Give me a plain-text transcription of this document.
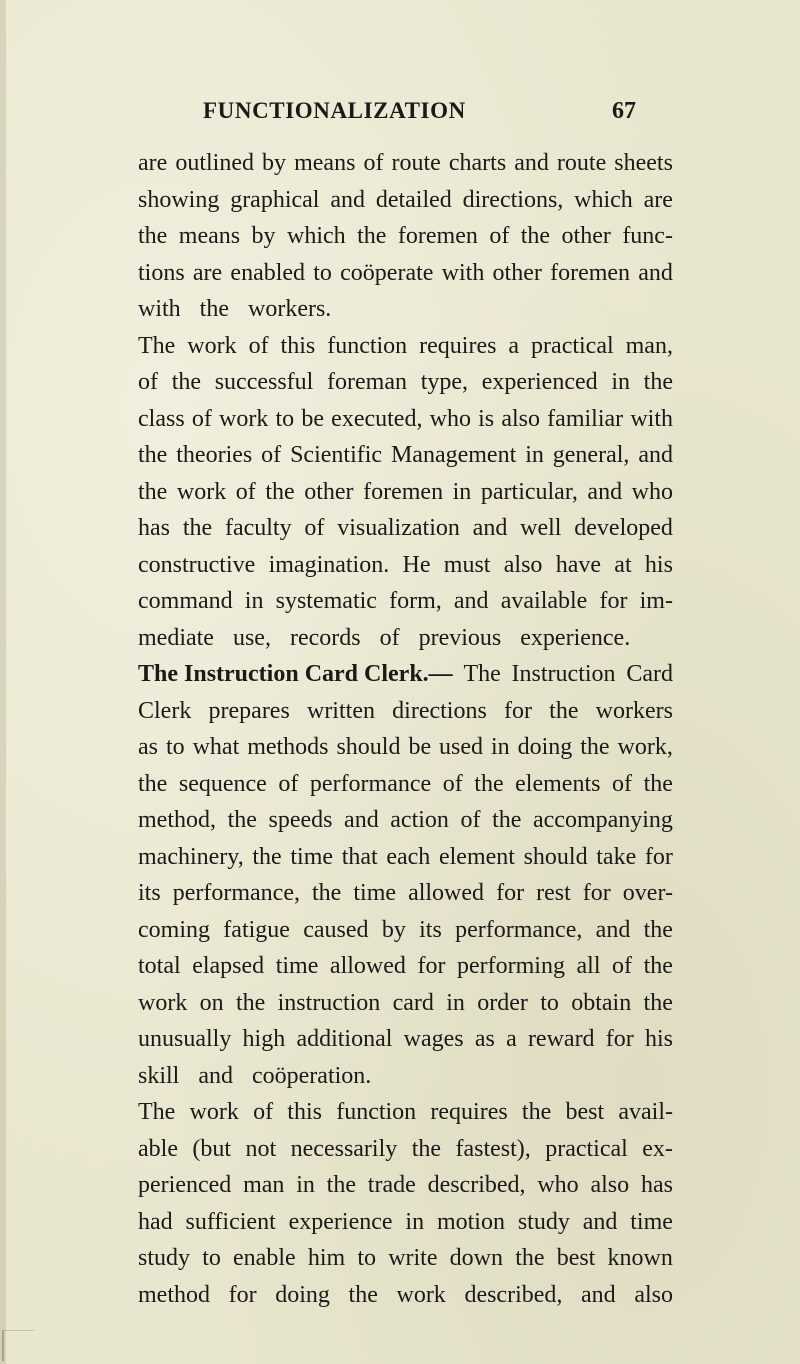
FUNCTIONALIZATION	67
are outlined by means of route charts and route sheets
showing graphical and detailed directions, which are
the means by which the foremen of the other func-
tions are enabled to coöperate with other foremen and
with the workers.
The work of this function requires a practical man,
of the successful foreman type, experienced in the
class of work to be executed, who is also familiar with
the theories of Scientific Management in general, and
the work of the other foremen in particular, and who
has the faculty of visualization and well developed
constructive imagination. He must also have at his
command in systematic form, and available for im-
mediate use, records of previous experience.
The Instruction Card Clerk.— The Instruction Card
Clerk prepares written directions for the workers
as to what methods should be used in doing the work,
the sequence of performance of the elements of the
method, the speeds and action of the accompanying
machinery, the time that each element should take for
its performance, the time allowed for rest for over-
coming fatigue caused by its performance, and the
total elapsed time allowed for performing all of the
work on the instruction card in order to obtain the
unusually high additional wages as a reward for his
skill and coöperation.
The work of this function requires the best avail-
able (but not necessarily the fastest), practical ex-
perienced man in the trade described, who also has
had sufficient experience in motion study and time
study to enable him to write down the best known
method for doing the work described, and also
